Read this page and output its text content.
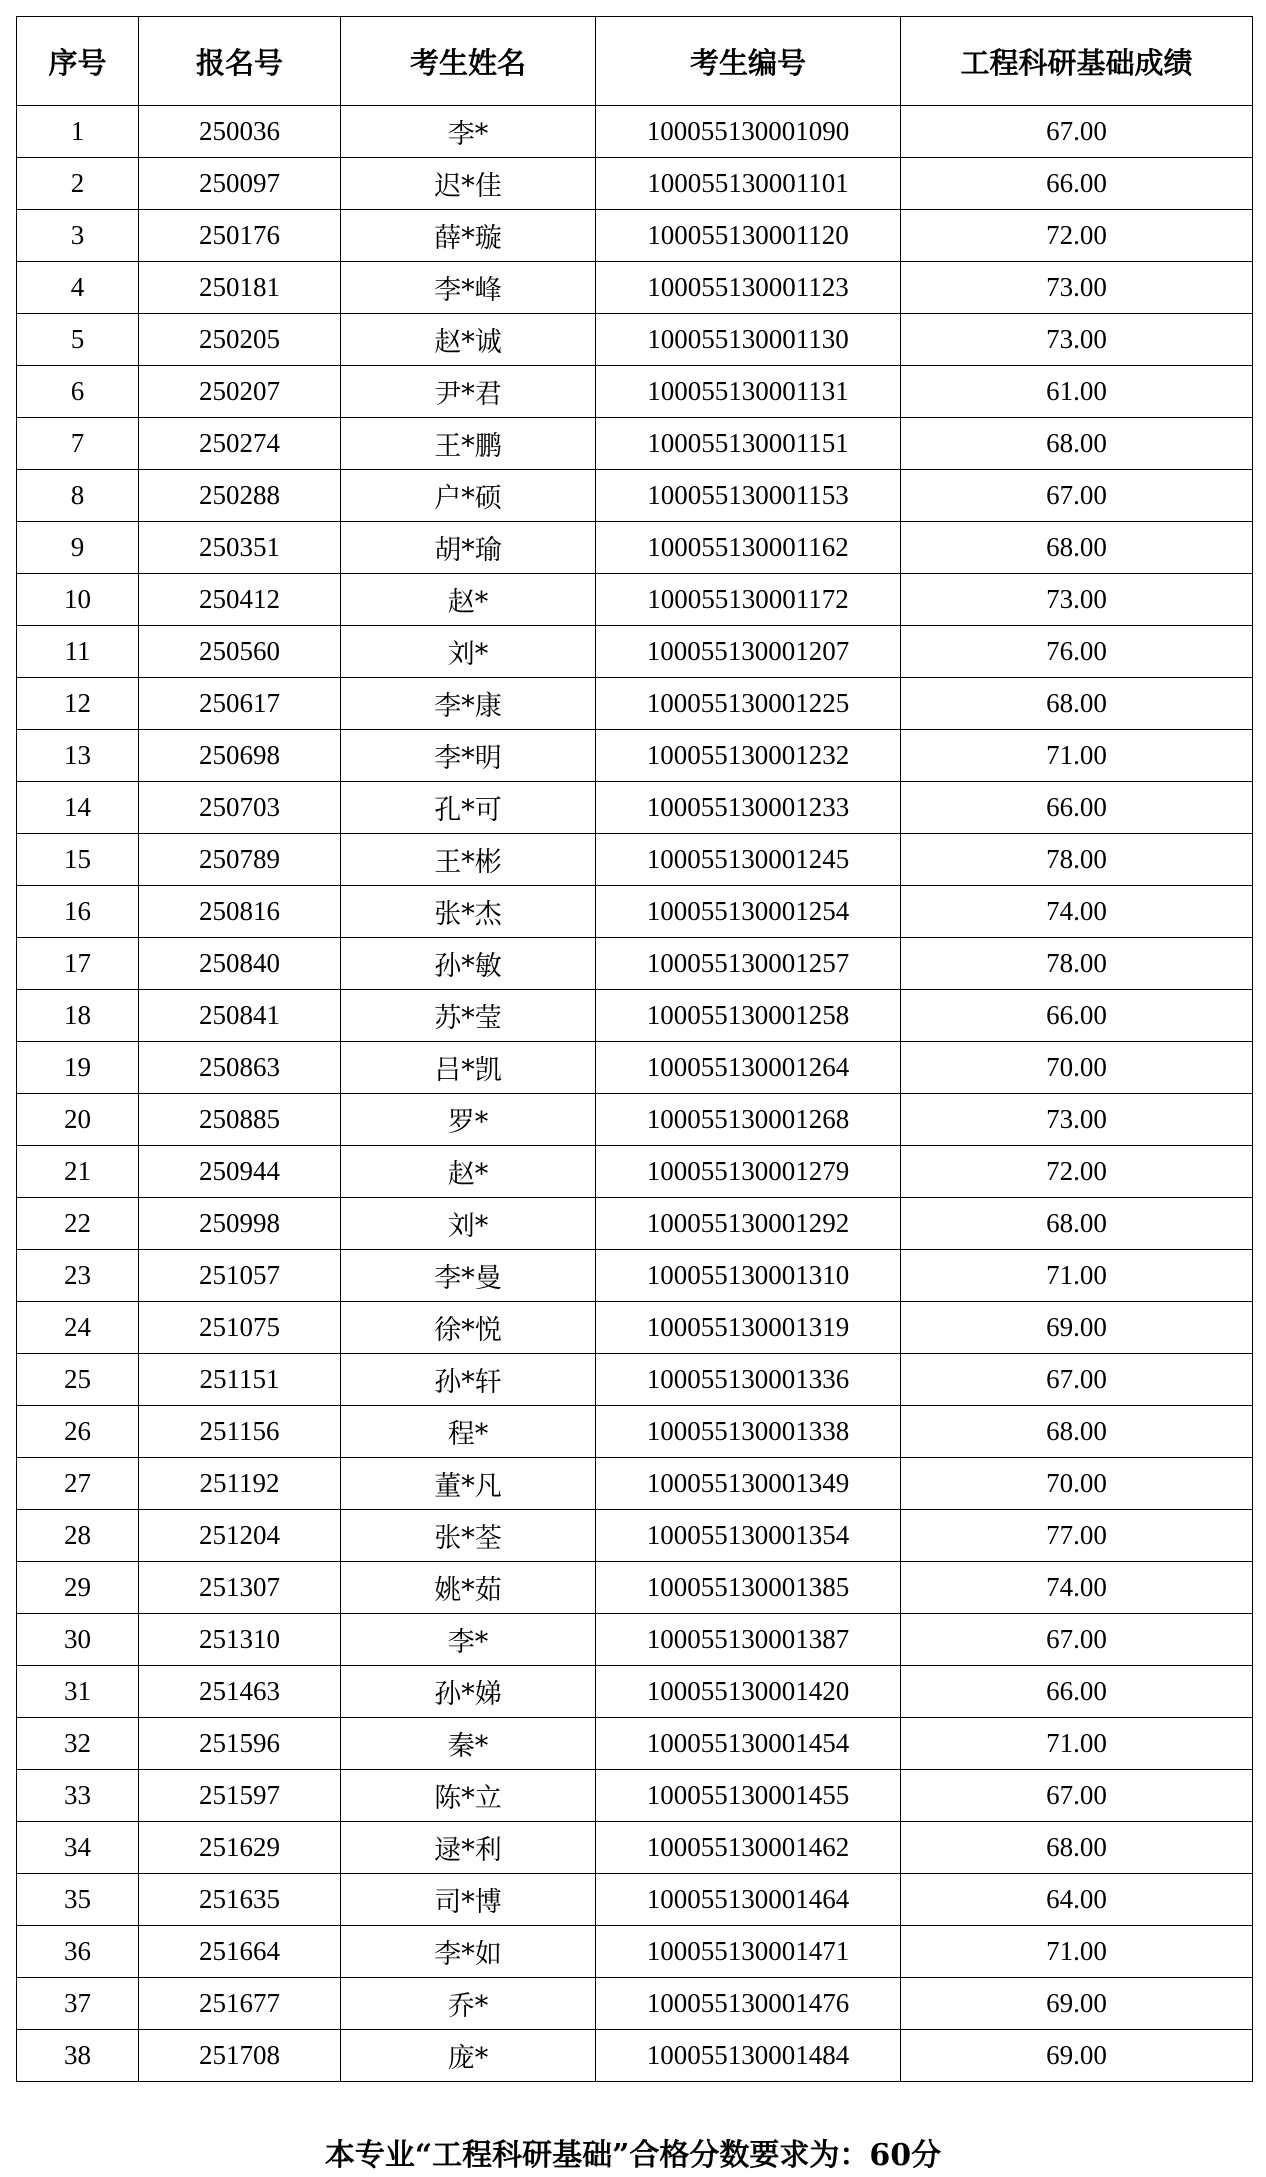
序号	报名号	考生姓名	考生编号	工程科研基础成绩
1	250036	李*	100055130001090	67.00
2	250097	迟*佳	100055130001101	66.00
3	250176	薛*璇	100055130001120	72.00
4	250181	李*峰	100055130001123	73.00
5	250205	赵*诚	100055130001130	73.00
6	250207	尹*君	100055130001131	61.00
7	250274	王*鹏	100055130001151	68.00
8	250288	户*硕	100055130001153	67.00
9	250351	胡*瑜	100055130001162	68.00
10	250412	赵*	100055130001172	73.00
11	250560	刘*	100055130001207	76.00
12	250617	李*康	100055130001225	68.00
13	250698	李*明	100055130001232	71.00
14	250703	孔*可	100055130001233	66.00
15	250789	王*彬	100055130001245	78.00
16	250816	张*杰	100055130001254	74.00
17	250840	孙*敏	100055130001257	78.00
18	250841	苏*莹	100055130001258	66.00
19	250863	吕*凯	100055130001264	70.00
20	250885	罗*	100055130001268	73.00
21	250944	赵*	100055130001279	72.00
22	250998	刘*	100055130001292	68.00
23	251057	李*曼	100055130001310	71.00
24	251075	徐*悦	100055130001319	69.00
25	251151	孙*轩	100055130001336	67.00
26	251156	程*	100055130001338	68.00
27	251192	董*凡	100055130001349	70.00
28	251204	张*荃	100055130001354	77.00
29	251307	姚*茹	100055130001385	74.00
30	251310	李*	100055130001387	67.00
31	251463	孙*娣	100055130001420	66.00
32	251596	秦*	100055130001454	71.00
33	251597	陈*立	100055130001455	67.00
34	251629	逯*利	100055130001462	68.00
35	251635	司*博	100055130001464	64.00
36	251664	李*如	100055130001471	71.00
37	251677	乔*	100055130001476	69.00
38	251708	庞*	100055130001484	69.00
本专业“工程科研基础”合格分数要求为：60分
